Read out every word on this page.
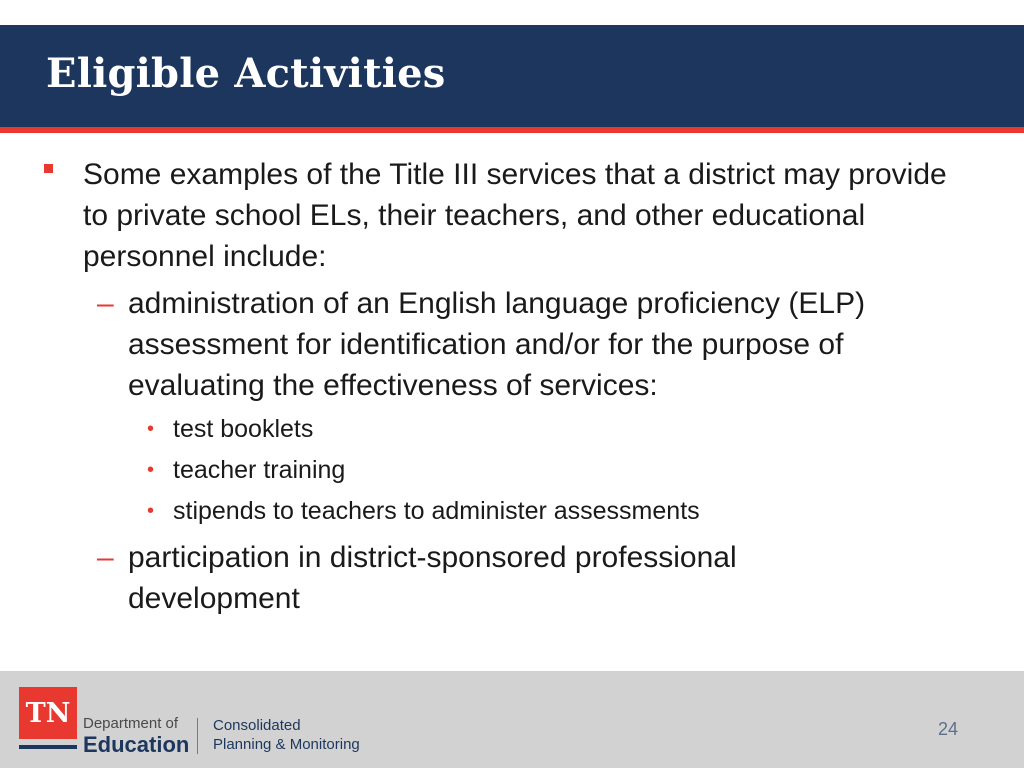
Eligible Activities
Some examples of the Title III services that a district may provide to private school ELs, their teachers, and other educational personnel include:
– administration of an English language proficiency (ELP) assessment for identification and/or for the purpose of evaluating the effectiveness of services:
• test booklets
• teacher training
• stipends to teachers to administer assessments
– participation in district-sponsored professional development
TN Department of
Education
Consolidated
Planning & Monitoring
24
